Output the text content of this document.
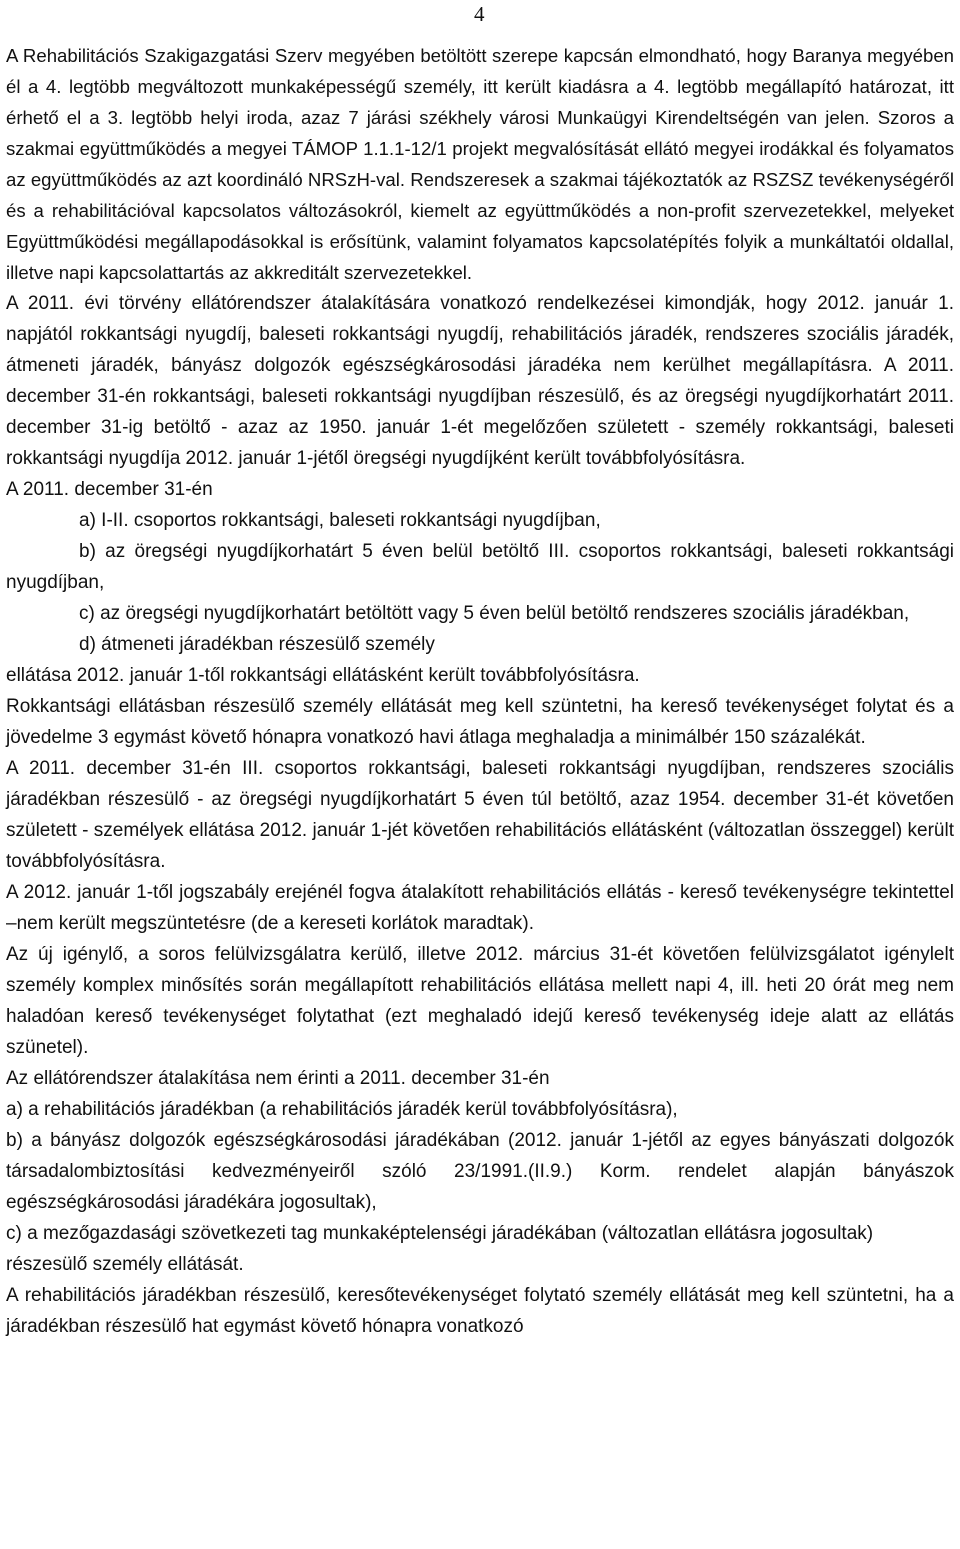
4

A Rehabilitációs Szakigazgatási Szerv megyében betöltött szerepe kapcsán elmondható, hogy Baranya megyében él a 4. legtöbb megváltozott munkaképességű személy, itt került kiadásra a 4. legtöbb megállapító határozat, itt érhető el a 3. legtöbb helyi iroda, azaz 7 járási székhely városi Munkaügyi Kirendeltségén van jelen. Szoros a szakmai együttműködés a megyei TÁMOP 1.1.1-12/1 projekt megvalósítását ellátó megyei irodákkal és folyamatos az együttműködés az azt koordináló NRSzH-val. Rendszeresek a szakmai tájékoztatók az RSZSZ tevékenységéről és a rehabilitációval kapcsolatos változásokról, kiemelt az együttműködés a non-profit szervezetekkel, melyeket Együttműködési megállapodásokkal is erősítünk, valamint folyamatos kapcsolatépítés folyik a munkáltatói oldallal, illetve napi kapcsolattartás az akkreditált szervezetekkel.

A 2011. évi törvény ellátórendszer átalakítására vonatkozó rendelkezései kimondják, hogy 2012. január 1. napjától rokkantsági nyugdíj, baleseti rokkantsági nyugdíj, rehabilitációs járadék, rendszeres szociális járadék, átmeneti járadék, bányász dolgozók egészségkárosodási járadéka nem kerülhet megállapításra. A 2011. december 31-én rokkantsági, baleseti rokkantsági nyugdíjban részesülő, és az öregségi nyugdíjkorhatárt 2011. december 31-ig betöltő - azaz az 1950. január 1-ét megelőzően született - személy rokkantsági, baleseti rokkantsági nyugdíja 2012. január 1-jétől öregségi nyugdíjként került továbbfolyósításra.

A 2011. december 31-én

a) I-II. csoportos rokkantsági, baleseti rokkantsági nyugdíjban,

b) az öregségi nyugdíjkorhatárt 5 éven belül betöltő III. csoportos rokkantsági, baleseti rokkantsági nyugdíjban,

c) az öregségi nyugdíjkorhatárt betöltött vagy 5 éven belül betöltő rendszeres szociális járadékban,

d) átmeneti járadékban részesülő személy

ellátása 2012. január 1-től rokkantsági ellátásként került továbbfolyósításra.

Rokkantsági ellátásban részesülő személy ellátását meg kell szüntetni, ha kereső tevékenységet folytat és a jövedelme 3 egymást követő hónapra vonatkozó havi átlaga meghaladja a minimálbér 150 százalékát.

A 2011. december 31-én III. csoportos rokkantsági, baleseti rokkantsági nyugdíjban, rendszeres szociális járadékban részesülő - az öregségi nyugdíjkorhatárt 5 éven túl betöltő, azaz 1954. december 31-ét követően született - személyek ellátása 2012. január 1-jét követően rehabilitációs ellátásként (változatlan összeggel) került továbbfolyósításra.

A 2012. január 1-től jogszabály erejénél fogva átalakított rehabilitációs ellátás - kereső tevékenységre tekintettel –nem került megszüntetésre (de a kereseti korlátok maradtak).

Az új igénylő, a soros felülvizsgálatra kerülő, illetve 2012. március 31-ét követően felülvizsgálatot igénylelt személy komplex minősítés során megállapított rehabilitációs ellátása mellett napi 4, ill. heti 20 órát meg nem haladóan kereső tevékenységet folytathat (ezt meghaladó idejű kereső tevékenység ideje alatt az ellátás szünetel).

Az ellátórendszer átalakítása nem érinti a 2011. december 31-én

a) a rehabilitációs járadékban (a rehabilitációs járadék kerül továbbfolyósításra),

b) a bányász dolgozók egészségkárosodási járadékában (2012. január 1-jétől az egyes bányászati dolgozók társadalombiztosítási kedvezményeiről szóló 23/1991.(II.9.) Korm. rendelet alapján bányászok egészségkárosodási járadékára jogosultak),

c) a mezőgazdasági szövetkezeti tag munkaképtelenségi járadékában (változatlan ellátásra jogosultak)

részesülő személy ellátását.

A rehabilitációs járadékban részesülő, keresőtevékenységet folytató személy ellátását meg kell szüntetni, ha a járadékban részesülő hat egymást követő hónapra vonatkozó
